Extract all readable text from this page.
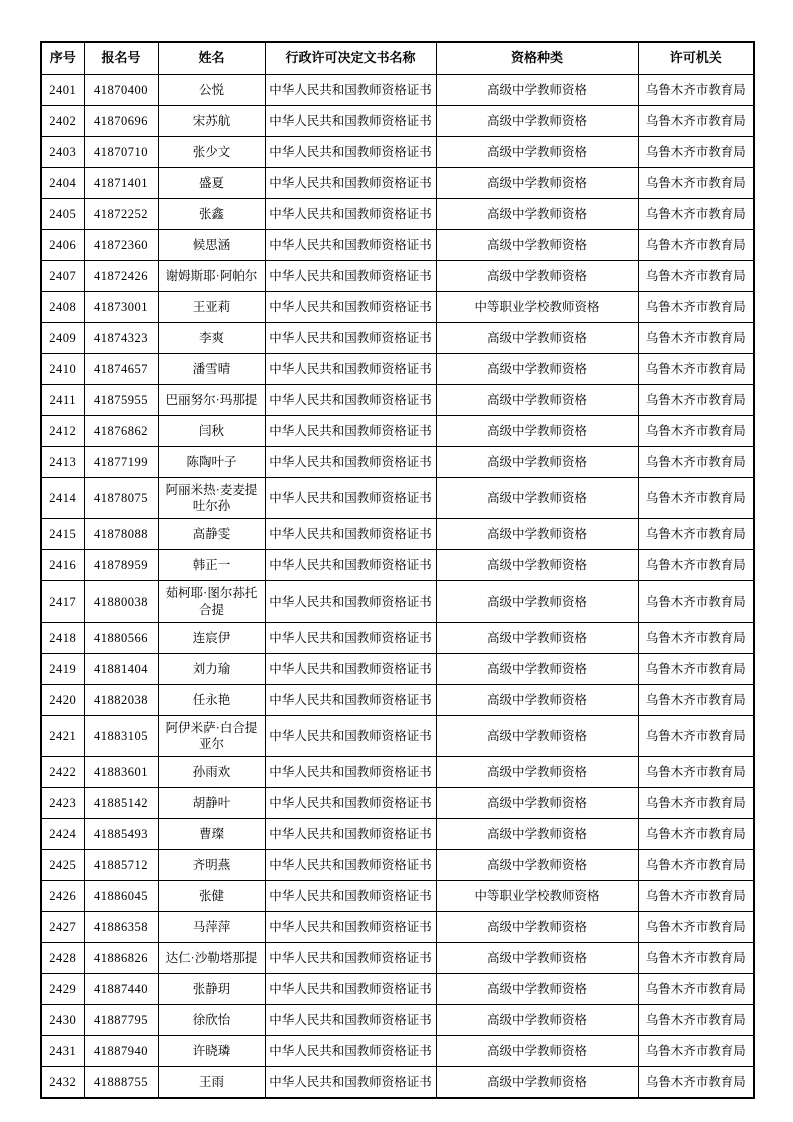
序号	报名号	姓名	行政许可决定文书名称	资格种类	许可机关
2401	41870400	公悦	中华人民共和国教师资格证书	高级中学教师资格	乌鲁木齐市教育局
2402	41870696	宋苏航	中华人民共和国教师资格证书	高级中学教师资格	乌鲁木齐市教育局
2403	41870710	张少文	中华人民共和国教师资格证书	高级中学教师资格	乌鲁木齐市教育局
2404	41871401	盛夏	中华人民共和国教师资格证书	高级中学教师资格	乌鲁木齐市教育局
2405	41872252	张鑫	中华人民共和国教师资格证书	高级中学教师资格	乌鲁木齐市教育局
2406	41872360	候思涵	中华人民共和国教师资格证书	高级中学教师资格	乌鲁木齐市教育局
2407	41872426	谢姆斯耶·阿帕尔	中华人民共和国教师资格证书	高级中学教师资格	乌鲁木齐市教育局
2408	41873001	王亚莉	中华人民共和国教师资格证书	中等职业学校教师资格	乌鲁木齐市教育局
2409	41874323	李爽	中华人民共和国教师资格证书	高级中学教师资格	乌鲁木齐市教育局
2410	41874657	潘雪晴	中华人民共和国教师资格证书	高级中学教师资格	乌鲁木齐市教育局
2411	41875955	巴丽努尔·玛那提	中华人民共和国教师资格证书	高级中学教师资格	乌鲁木齐市教育局
2412	41876862	闫秋	中华人民共和国教师资格证书	高级中学教师资格	乌鲁木齐市教育局
2413	41877199	陈陶叶子	中华人民共和国教师资格证书	高级中学教师资格	乌鲁木齐市教育局
2414	41878075	阿丽米热·麦麦提吐尔孙	中华人民共和国教师资格证书	高级中学教师资格	乌鲁木齐市教育局
2415	41878088	高静雯	中华人民共和国教师资格证书	高级中学教师资格	乌鲁木齐市教育局
2416	41878959	韩正一	中华人民共和国教师资格证书	高级中学教师资格	乌鲁木齐市教育局
2417	41880038	茹柯耶·图尔荪托合提	中华人民共和国教师资格证书	高级中学教师资格	乌鲁木齐市教育局
2418	41880566	连宸伊	中华人民共和国教师资格证书	高级中学教师资格	乌鲁木齐市教育局
2419	41881404	刘力瑜	中华人民共和国教师资格证书	高级中学教师资格	乌鲁木齐市教育局
2420	41882038	任永艳	中华人民共和国教师资格证书	高级中学教师资格	乌鲁木齐市教育局
2421	41883105	阿伊米萨·白合提亚尔	中华人民共和国教师资格证书	高级中学教师资格	乌鲁木齐市教育局
2422	41883601	孙雨欢	中华人民共和国教师资格证书	高级中学教师资格	乌鲁木齐市教育局
2423	41885142	胡静叶	中华人民共和国教师资格证书	高级中学教师资格	乌鲁木齐市教育局
2424	41885493	曹璨	中华人民共和国教师资格证书	高级中学教师资格	乌鲁木齐市教育局
2425	41885712	齐明燕	中华人民共和国教师资格证书	高级中学教师资格	乌鲁木齐市教育局
2426	41886045	张健	中华人民共和国教师资格证书	中等职业学校教师资格	乌鲁木齐市教育局
2427	41886358	马萍萍	中华人民共和国教师资格证书	高级中学教师资格	乌鲁木齐市教育局
2428	41886826	达仁·沙勒塔那提	中华人民共和国教师资格证书	高级中学教师资格	乌鲁木齐市教育局
2429	41887440	张静玥	中华人民共和国教师资格证书	高级中学教师资格	乌鲁木齐市教育局
2430	41887795	徐欣怡	中华人民共和国教师资格证书	高级中学教师资格	乌鲁木齐市教育局
2431	41887940	许晓璘	中华人民共和国教师资格证书	高级中学教师资格	乌鲁木齐市教育局
2432	41888755	王雨	中华人民共和国教师资格证书	高级中学教师资格	乌鲁木齐市教育局
